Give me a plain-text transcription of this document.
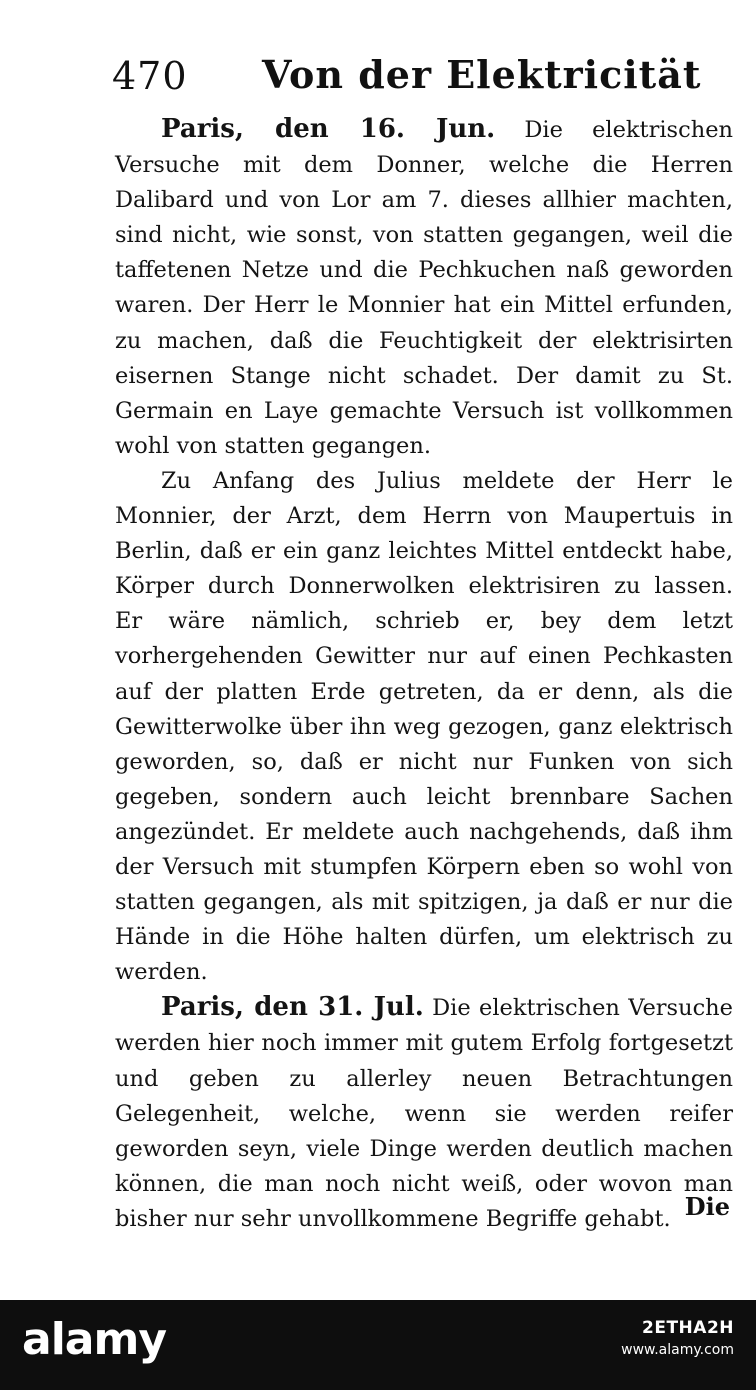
470 Von der Elektricität

Paris, den 16. Jun. Die elektrischen Versuche mit dem Donner, welche die Herren Dalibard und von Lor am 7. dieses allhier machten, sind nicht, wie sonst, von statten gegangen, weil die taffetenen Netze und die Pechkuchen naß geworden waren. Der Herr le Monnier hat ein Mittel erfunden, zu machen, daß die Feuchtigkeit der elektrisirten eisernen Stange nicht schadet. Der damit zu St. Germain en Laye gemachte Versuch ist vollkommen wohl von statten gegangen.

Zu Anfang des Julius meldete der Herr le Monnier, der Arzt, dem Herrn von Maupertuis in Berlin, daß er ein ganz leichtes Mittel entdeckt habe, Körper durch Donnerwolken elektrisiren zu lassen. Er wäre nämlich, schrieb er, bey dem letzt vorhergehenden Gewitter nur auf einen Pechkasten auf der platten Erde getreten, da er denn, als die Gewitterwolke über ihn weg gezogen, ganz elektrisch geworden, so, daß er nicht nur Funken von sich gegeben, sondern auch leicht brennbare Sachen angezündet. Er meldete auch nachgehends, daß ihm der Versuch mit stumpfen Körpern eben so wohl von statten gegangen, als mit spitzigen, ja daß er nur die Hände in die Höhe halten dürfen, um elektrisch zu werden.

Paris, den 31. Jul. Die elektrischen Versuche werden hier noch immer mit gutem Erfolg fortgesetzt und geben zu allerley neuen Betrachtungen Gelegenheit, welche, wenn sie werden reifer geworden seyn, viele Dinge werden deutlich machen können, die man noch nicht weiß, oder wovon man bisher nur sehr unvollkommene Begriffe gehabt. Die
alamy	2ETHA2H
www.alamy.com
